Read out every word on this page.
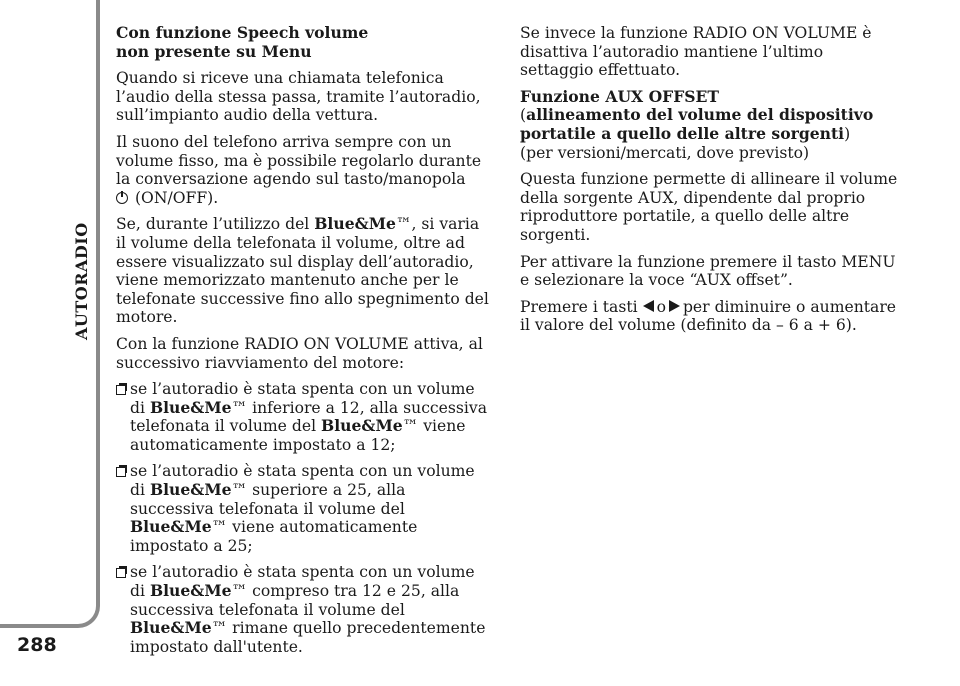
AUTORADIO
288

Con funzione Speech volume
non presente su Menu

Quando si riceve una chiamata telefonica l’audio della stessa passa, tramite l’autoradio, sull’impianto audio della vettura.

Il suono del telefono arriva sempre con un volume fisso, ma è possibile regolarlo durante la conversazione agendo sul tasto/manopola
(ON/OFF).

Se, durante l’utilizzo del Blue&Me™, si varia il volume della telefonata il volume, oltre ad essere visualizzato sul display dell’autoradio, viene memorizzato mantenuto anche per le telefonate successive fino allo spegnimento del motore.

Con la funzione RADIO ON VOLUME attiva, al successivo riavviamento del motore:

se l’autoradio è stata spenta con un volume di Blue&Me™ inferiore a 12, alla successiva telefonata il volume del Blue&Me™ viene automaticamente impostato a 12;
se l’autoradio è stata spenta con un volume di Blue&Me™ superiore a 25, alla successiva telefonata il volume del Blue&Me™ viene automaticamente impostato a 25;
se l’autoradio è stata spenta con un volume di Blue&Me™ compreso tra 12 e 25, alla successiva telefonata il volume del Blue&Me™ rimane quello precedentemente impostato dall'utente.

Se invece la funzione RADIO ON VOLUME è disattiva l’autoradio mantiene l’ultimo settaggio effettuato.

Funzione AUX OFFSET
(allineamento del volume del dispositivo portatile a quello delle altre sorgenti)

(per versioni/mercati, dove previsto)

Questa funzione permette di allineare il volume della sorgente AUX, dipendente dal proprio riproduttore portatile, a quello delle altre sorgenti.

Per attivare la funzione premere il tasto MENU e selezionare la voce “AUX offset”.

Premere i tasti o per diminuire o aumentare il valore del volume (definito da – 6 a + 6).
